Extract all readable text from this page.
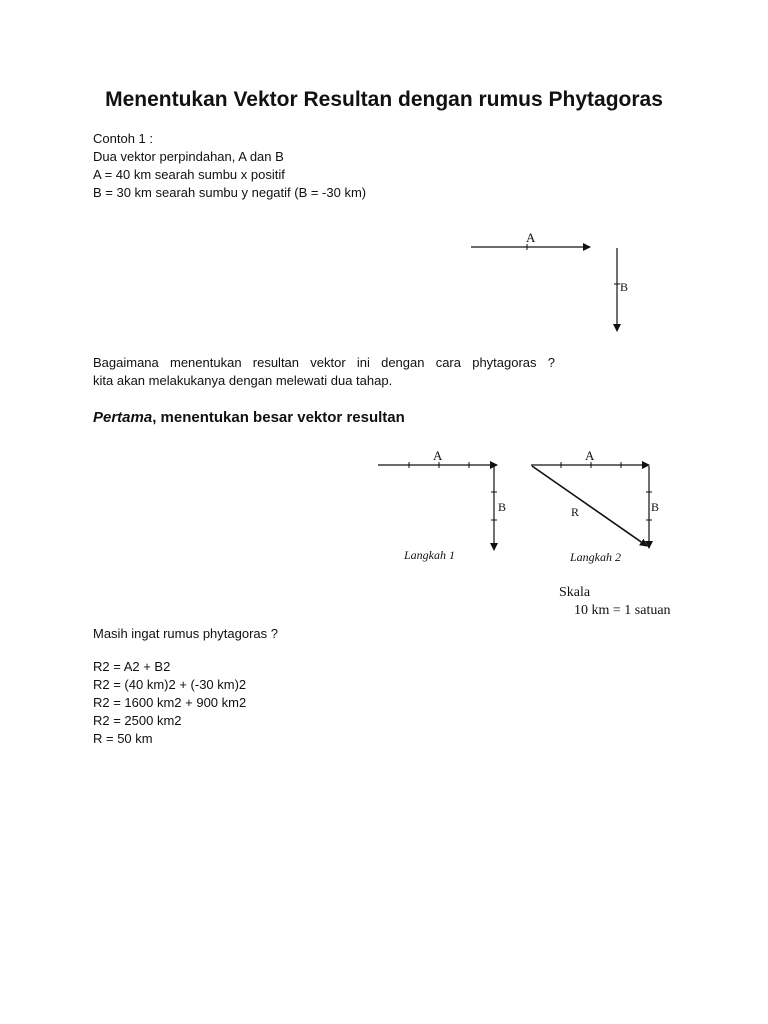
Menentukan Vektor Resultan dengan rumus Phytagoras
Contoh 1 :
Dua vektor perpindahan, A dan B
A = 40 km searah sumbu x positif
B = 30 km searah sumbu y negatif (B = -30 km)
A
B
A
B
Langkah 1
A
B
R
Langkah 2
Bagaimana menentukan resultan vektor ini dengan cara phytagoras ?
kita akan melakukanya dengan melewati dua tahap.
Pertama, menentukan besar vektor resultan
Skala
10 km = 1 satuan
Masih ingat rumus phytagoras ?
R2 = A2 + B2
R2 = (40 km)2 + (-30 km)2
R2 = 1600 km2 + 900 km2
R2 = 2500 km2
R = 50 km
